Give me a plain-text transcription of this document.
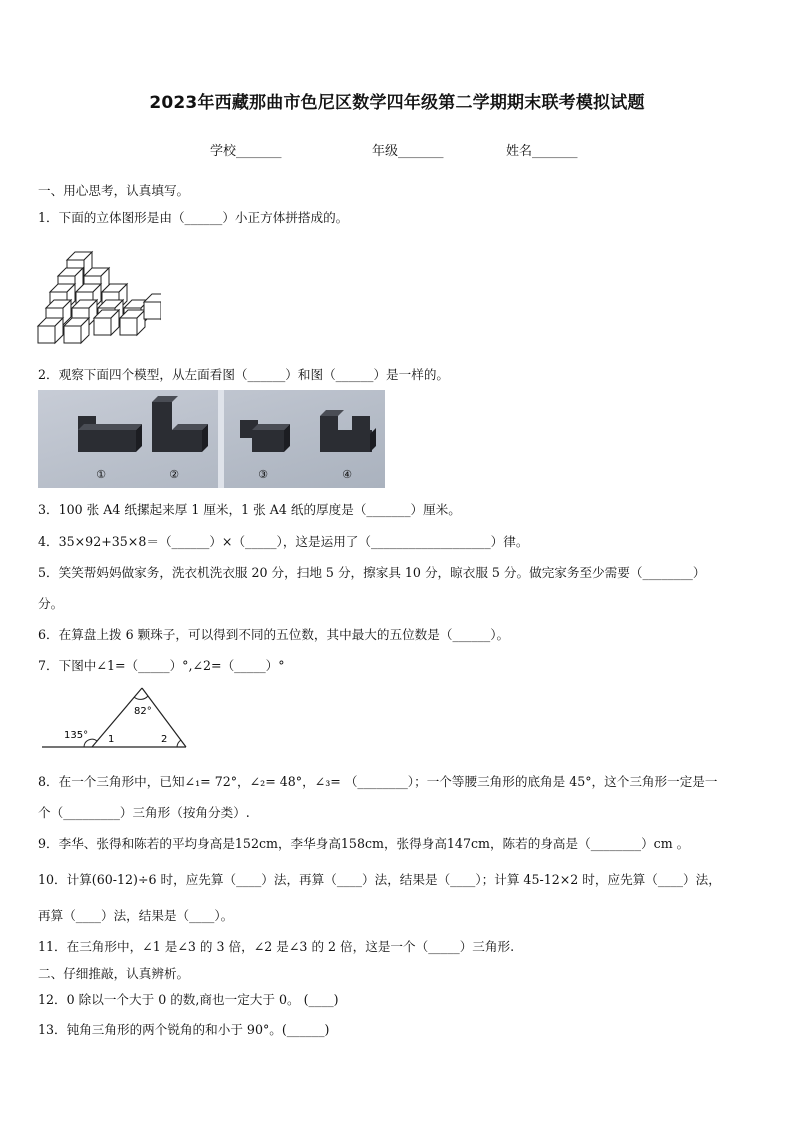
2023年西藏那曲市色尼区数学四年级第二学期期末联考模拟试题
学校_______	年级_______	姓名_______
一、用心思考，认真填写。
1．下面的立体图形是由（______）小正方体拼搭成的。
2．观察下面四个模型，从左面看图（______）和图（______）是一样的。
①	②	③	④
3．100 张 A4 纸摞起来厚 1 厘米，1 张 A4 纸的厚度是（_______）厘米。
4．35×92+35×8＝（______）×（_____），这是运用了（___________________）律。
5．笑笑帮妈妈做家务，洗衣机洗衣服 20 分，扫地 5 分，擦家具 10 分，晾衣服 5 分。做完家务至少需要（________）
分。
6．在算盘上拨 6 颗珠子，可以得到不同的五位数，其中最大的五位数是（______）。
7．下图中∠1=（_____）°,∠2=（_____）°
82°
135° 1	2
8．在一个三角形中，已知∠₁= 72°，∠₂= 48°，∠₃= （________）；一个等腰三角形的底角是 45°，这个三角形一定是一
个（_________）三角形（按角分类）.
9．李华、张得和陈若的平均身高是152cm，李华身高158cm，张得身高147cm，陈若的身高是（________）cm 。
10．计算(60-12)÷6 时，应先算（____）法，再算（____）法，结果是（____）；计算 45-12×2 时，应先算（____）法，
再算（____）法，结果是（____）。
11．在三角形中，∠1 是∠3 的 3 倍，∠2 是∠3 的 2 倍，这是一个（_____）三角形.
二、仔细推敲，认真辨析。
12．0 除以一个大于 0 的数,商也一定大于 0。 (____)
13．钝角三角形的两个锐角的和小于 90°。(______)
